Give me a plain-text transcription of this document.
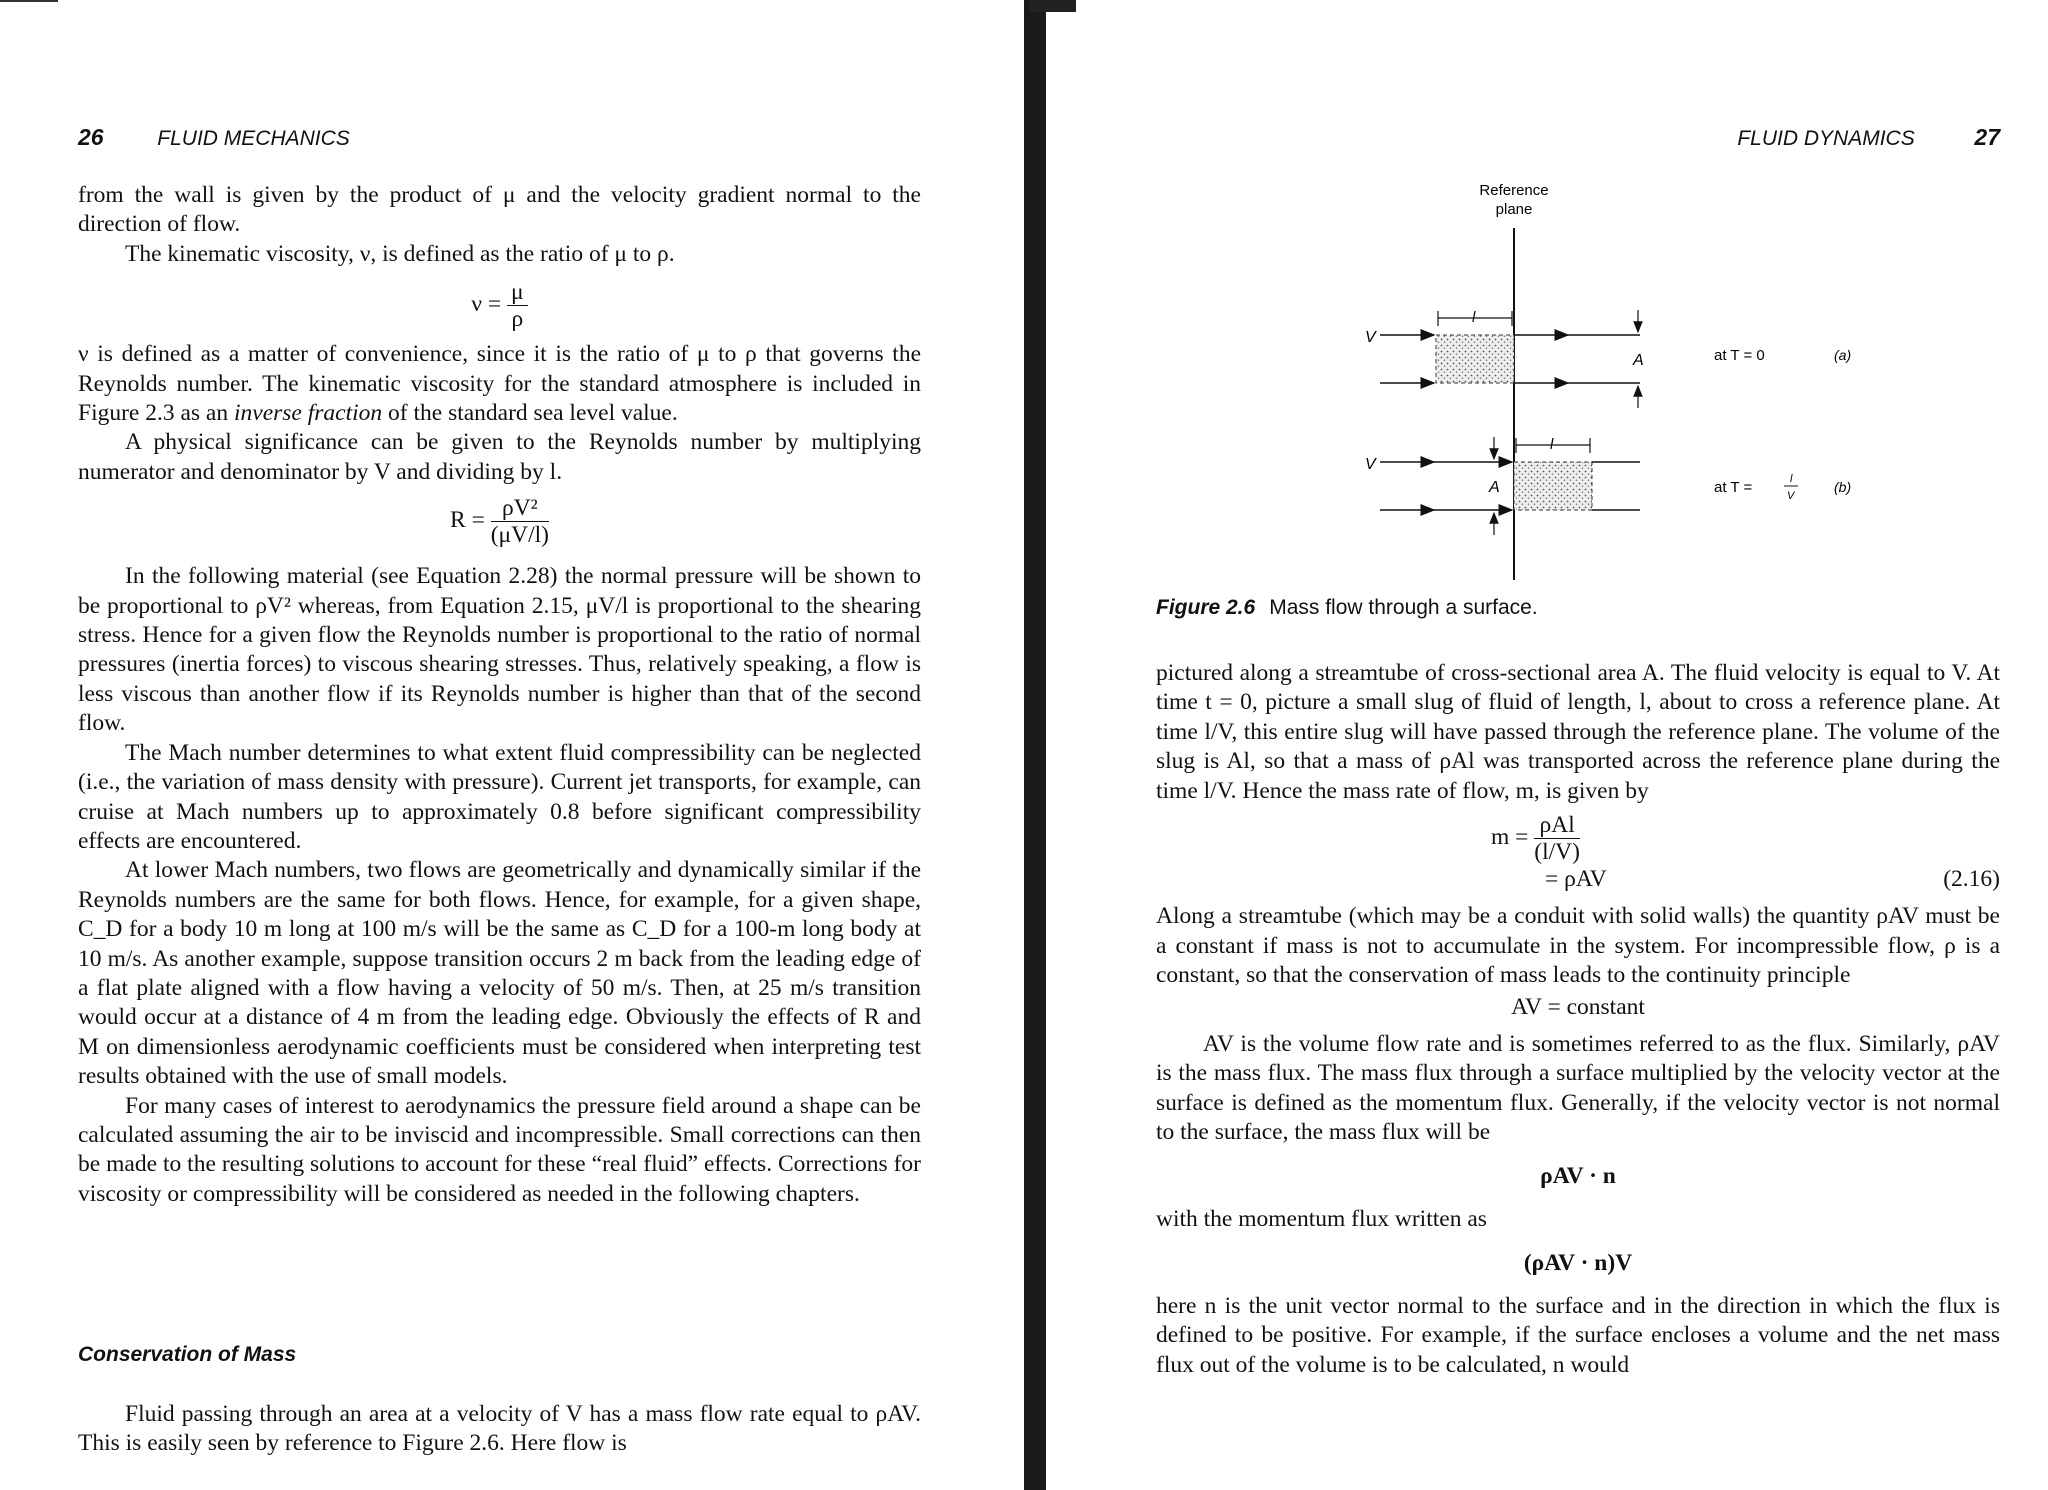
26	FLUID MECHANICS

from the wall is given by the product of μ and the velocity gradient normal to the direction of flow.

The kinematic viscosity, ν, is defined as the ratio of μ to ρ.

$\nu = \frac{\mu}{\rho}$

ν is defined as a matter of convenience, since it is the ratio of μ to ρ that governs the Reynolds number. The kinematic viscosity for the standard atmosphere is included in Figure 2.3 as an inverse fraction of the standard sea level value.

A physical significance can be given to the Reynolds number by multiplying numerator and denominator by V and dividing by l.

$R = \frac{\text{ρV²}}{(\mu V/l)}$

In the following material (see Equation 2.28) the normal pressure will be shown to be proportional to ρV² whereas, from Equation 2.15, μV/l is proportional to the shearing stress. Hence for a given flow the Reynolds number is proportional to the ratio of normal pressures (inertia forces) to viscous shearing stresses. Thus, relatively speaking, a flow is less viscous than another flow if its Reynolds number is higher than that of the second flow.

The Mach number determines to what extent fluid compressibility can be neglected (i.e., the variation of mass density with pressure). Current jet transports, for example, can cruise at Mach numbers up to approximately 0.8 before significant compressibility effects are encountered.

At lower Mach numbers, two flows are geometrically and dynamically similar if the Reynolds numbers are the same for both flows. Hence, for example, for a given shape, C_D for a body 10 m long at 100 m/s will be the same as C_D for a 100-m long body at 10 m/s. As another example, suppose transition occurs 2 m back from the leading edge of a flat plate aligned with a flow having a velocity of 50 m/s. Then, at 25 m/s transition would occur at a distance of 4 m from the leading edge. Obviously the effects of R and M on dimensionless aerodynamic coefficients must be considered when interpreting test results obtained with the use of small models.

For many cases of interest to aerodynamics the pressure field around a shape can be calculated assuming the air to be inviscid and incompressible. Small corrections can then be made to the resulting solutions to account for these “real fluid” effects. Corrections for viscosity or compressibility will be considered as needed in the following chapters.

Conservation of Mass

Fluid passing through an area at a velocity of V has a mass flow rate equal to ρAV. This is easily seen by reference to Figure 2.6. Here flow is

FLUID DYNAMICS	27
Reference
plane
V
l
A	at T = 0	(a)
V
l
A	at T =	l
V
(b)
Figure 2.6 Mass flow through a surface.

pictured along a streamtube of cross-sectional area A. The fluid velocity is equal to V. At time t = 0, picture a small slug of fluid of length, l, about to cross a reference plane. At time l/V, this entire slug will have passed through the reference plane. The volume of the slug is Al, so that a mass of ρAl was transported across the reference plane during the time l/V. Hence the mass rate of flow, m, is given by

$m = \frac{\text{ρAl}}{(l/V)}$
= ρAV	(2.16)

Along a streamtube (which may be a conduit with solid walls) the quantity ρAV must be a constant if mass is not to accumulate in the system. For incompressible flow, ρ is a constant, so that the conservation of mass leads to the continuity principle

AV = constant

AV is the volume flow rate and is sometimes referred to as the flux. Similarly, ρAV is the mass flux. The mass flux through a surface multiplied by the velocity vector at the surface is defined as the momentum flux. Generally, if the velocity vector is not normal to the surface, the mass flux will be

ρAV · n

with the momentum flux written as

(ρAV · n)V

here n is the unit vector normal to the surface and in the direction in which the flux is defined to be positive. For example, if the surface encloses a volume and the net mass flux out of the volume is to be calculated, n would
